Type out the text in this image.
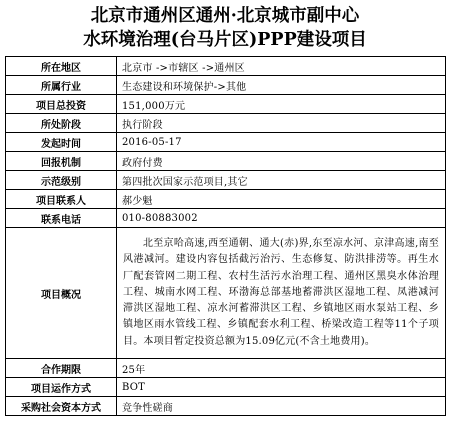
北京市通州区通州·北京城市副中心
水环境治理(台马片区)PPP建设项目
所在地区	北京市 ->市辖区 ->通州区
所属行业	生态建设和环境保护->其他
项目总投资	151,000万元
所处阶段	执行阶段
发起时间	2016-05-17
回报机制	政府付费
示范级别	第四批次国家示范项目,其它
项目联系人	郝少魁
联系电话	010-80883002
项目概况	北至京哈高速,西至通朝、通大(赤)界,东至凉水河、京津高速,南至风港减河。建设内容包括截污治污、生态修复、防洪排涝等。再生水厂配套管网二期工程、农村生活污水治理工程、通州区黑臭水体治理工程、城南水网工程、环渤海总部基地蓄滞洪区湿地工程、凤港减河滞洪区湿地工程、凉水河蓄滞洪区工程、乡镇地区雨水泵站工程、乡镇地区雨水管线工程、乡镇配套水利工程、桥梁改造工程等11个子项目。本项目暂定投资总额为15.09亿元(不含土地费用)。
合作期限	25年
项目运作方式	BOT
采购社会资本方式	竞争性磋商
